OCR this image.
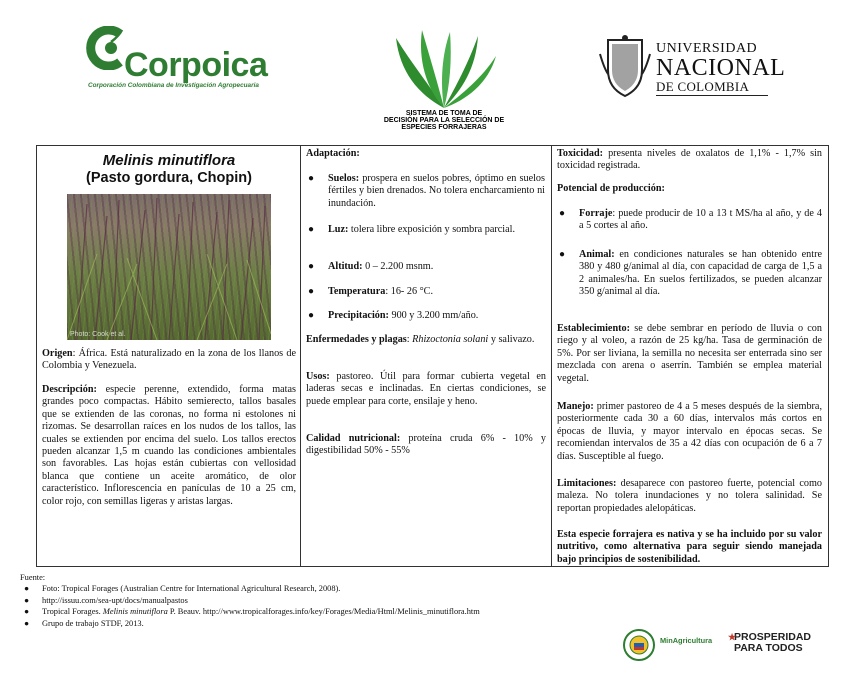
Corpoica
Corporación Colombiana de Investigación Agropecuaria
SISTEMA DE TOMA DE
DECISIÓN PARA LA SELECCIÓN DE
ESPECIES FORRAJERAS
UNIVERSIDAD
NACIONAL
DE COLOMBIA
Melinis minutiflora
(Pasto gordura, Chopin)
Photo: Cook et al.
Origen: África. Está naturalizado en la zona de los llanos de Colombia y Venezuela.
Descripción: especie perenne, extendido, forma matas grandes poco compactas. Hábito semierecto, tallos basales que se extienden de las coronas, no forma ni estolones ni rizomas. Se desarrollan raíces en los nudos de los tallos, las cuales se extienden por encima del suelo. Los tallos erectos pueden alcanzar 1,5 m cuando las condiciones ambientales son favorables. Las hojas están cubiertas con vellosidad blanca que contiene un aceite aromático, de olor característico. Inflorescencia en panículas de 10 a 25 cm, color rojo, con semillas ligeras y aristas largas.
Adaptación:
● Suelos: prospera en suelos pobres, óptimo en suelos fértiles y bien drenados. No tolera encharcamiento ni inundación.
● Luz: tolera libre exposición y sombra parcial.
● Altitud: 0 – 2.200 msnm.
● Temperatura: 16- 26 °C.
● Precipitación: 900 y 3.200 mm/año.
Enfermedades y plagas: Rhizoctonia solani y salivazo.
Usos: pastoreo. Útil para formar cubierta vegetal en laderas secas e inclinadas. En ciertas condiciones, se puede emplear para corte, ensilaje y heno.
Calidad nutricional: proteína cruda 6% - 10% y digestibilidad 50% - 55%
Toxicidad: presenta niveles de oxalatos de 1,1% - 1,7% sin toxicidad registrada.
Potencial de producción:
● Forraje: puede producir de 10 a 13 t MS/ha al año, y de 4 a 5 cortes al año.
● Animal: en condiciones naturales se han obtenido entre 380 y 480 g/animal al día, con capacidad de carga de 1,5 a 2 animales/ha. En suelos fertilizados, se pueden alcanzar 350 g/animal al día.
Establecimiento: se debe sembrar en período de lluvia o con riego y al voleo, a razón de 25 kg/ha. Tasa de germinación de 5%. Por ser liviana, la semilla no necesita ser enterrada sino ser mezclada con arena o aserrín. También se emplea material vegetal.
Manejo: primer pastoreo de 4 a 5 meses después de la siembra, posteriormente cada 30 a 60 días, intervalos más cortos en épocas de lluvia, y mayor intervalo en épocas secas. Se recomiendan intervalos de 35 a 42 días con ocupación de 6 a 7 días. Susceptible al fuego.
Limitaciones: desaparece con pastoreo fuerte, potencial como maleza. No tolera inundaciones y no tolera salinidad. Se reportan propiedades alelopáticas.
Esta especie forrajera es nativa y se ha incluido por su valor nutritivo, como alternativa para seguir siendo manejada bajo principios de sostenibilidad.
Fuente:
● Foto: Tropical Forages (Australian Centre for International Agricultural Research, 2008).
● http://issuu.com/sea-upt/docs/manualpastos
● Tropical Forages. Melinis minutiflora P. Beauv. http://www.tropicalforages.info/key/Forages/Media/Html/Melinis_minutiflora.htm
● Grupo de trabajo STDF, 2013.
MinAgricultura ★
PROSPERIDAD
PARA TODOS
